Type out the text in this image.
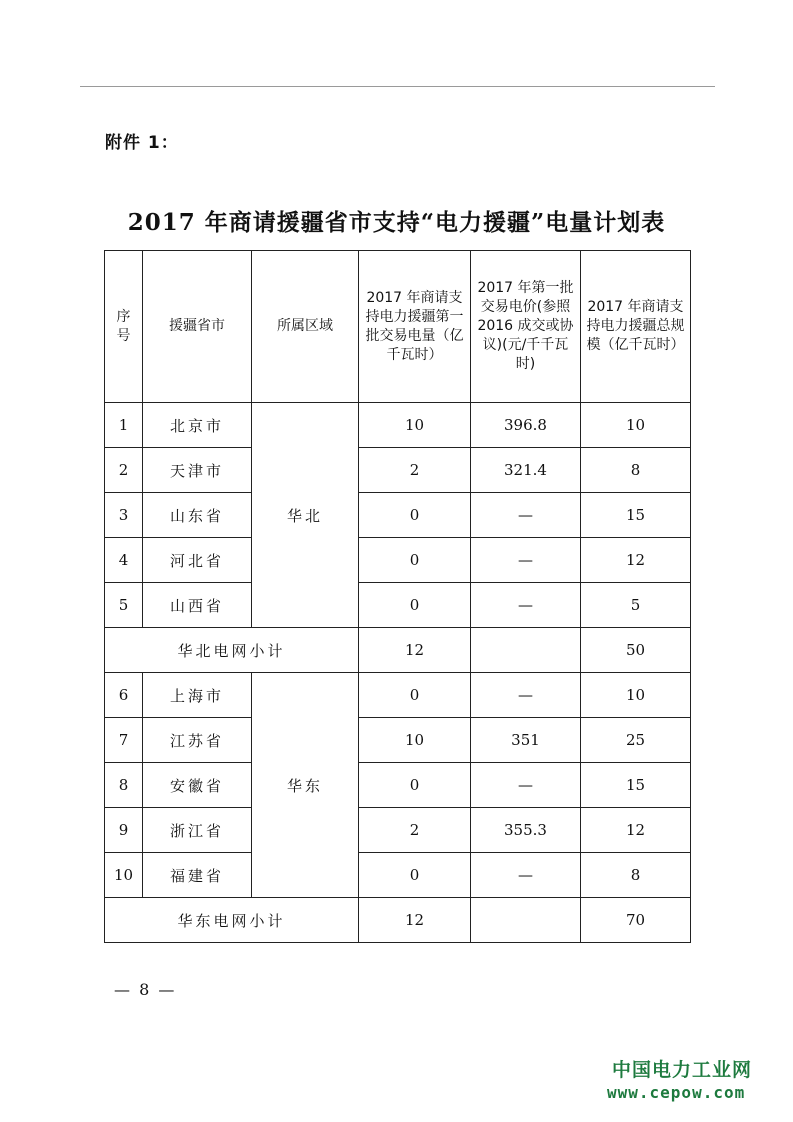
附件 1：
2017 年商请援疆省市支持“电力援疆”电量计划表
序号	援疆省市	所属区域	2017 年商请支持电力援疆第一批交易电量（亿千瓦时）	2017 年第一批交易电价(参照2016 成交或协议)(元/千千瓦时)	2017 年商请支持电力援疆总规模（亿千瓦时）

1	北京市	华北	10	396.8	10
2	天津市		2	321.4	8
3	山东省		0	—	15
4	河北省		0	—	12
5	山西省		0	—	5
华北电网小计			12		50
6	上海市	华东	0	—	10
7	江苏省		10	351	25
8	安徽省		0	—	15
9	浙江省		2	355.3	12
10	福建省		0	—	8
华东电网小计			12		70
— 8 —
中国电力工业网
www.cepow.com
